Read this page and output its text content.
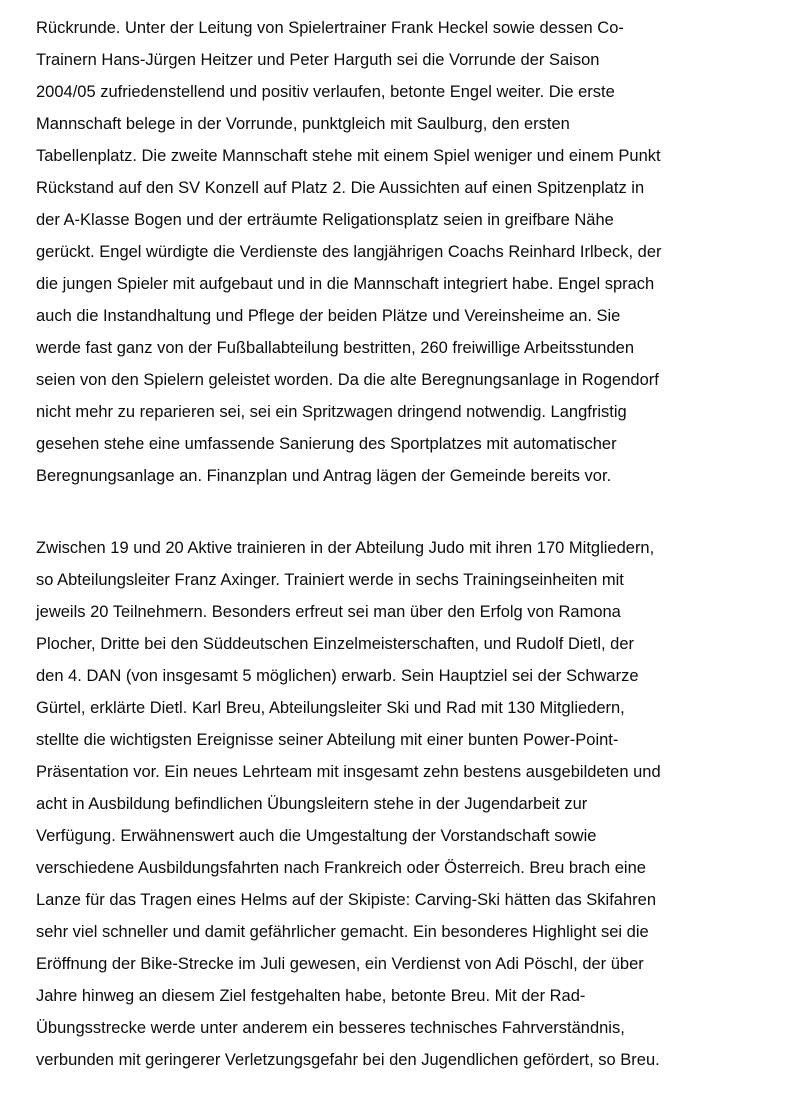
Rückrunde. Unter der Leitung von Spielertrainer Frank Heckel sowie dessen Co-
Trainern Hans-Jürgen Heitzer und Peter Harguth sei die Vorrunde der Saison
2004/05 zufriedenstellend und positiv verlaufen, betonte Engel weiter. Die erste
Mannschaft belege in der Vorrunde, punktgleich mit Saulburg, den ersten
Tabellenplatz. Die zweite Mannschaft stehe mit einem Spiel weniger und einem Punkt
Rückstand auf den SV Konzell auf Platz 2. Die Aussichten auf einen Spitzenplatz in
der A-Klasse Bogen und der erträumte Religationsplatz seien in greifbare Nähe
gerückt. Engel würdigte die Verdienste des langjährigen Coachs Reinhard Irlbeck, der
die jungen Spieler mit aufgebaut und in die Mannschaft integriert habe. Engel sprach
auch die Instandhaltung und Pflege der beiden Plätze und Vereinsheime an. Sie
werde fast ganz von der Fußballabteilung bestritten, 260 freiwillige Arbeitsstunden
seien von den Spielern geleistet worden. Da die alte Beregnungsanlage in Rogendorf
nicht mehr zu reparieren sei, sei ein Spritzwagen dringend notwendig. Langfristig
gesehen stehe eine umfassende Sanierung des Sportplatzes mit automatischer
Beregnungsanlage an. Finanzplan und Antrag lägen der Gemeinde bereits vor.
Zwischen 19 und 20 Aktive trainieren in der Abteilung Judo mit ihren 170 Mitgliedern,
so Abteilungsleiter Franz Axinger. Trainiert werde in sechs Trainingseinheiten mit
jeweils 20 Teilnehmern. Besonders erfreut sei man über den Erfolg von Ramona
Plocher, Dritte bei den Süddeutschen Einzelmeisterschaften, und Rudolf Dietl, der
den 4. DAN (von insgesamt 5 möglichen) erwarb. Sein Hauptziel sei der Schwarze
Gürtel, erklärte Dietl. Karl Breu, Abteilungsleiter Ski und Rad mit 130 Mitgliedern,
stellte die wichtigsten Ereignisse seiner Abteilung mit einer bunten Power-Point-
Präsentation vor. Ein neues Lehrteam mit insgesamt zehn bestens ausgebildeten und
acht in Ausbildung befindlichen Übungsleitern stehe in der Jugendarbeit zur
Verfügung. Erwähnenswert auch die Umgestaltung der Vorstandschaft sowie
verschiedene Ausbildungsfahrten nach Frankreich oder Österreich. Breu brach eine
Lanze für das Tragen eines Helms auf der Skipiste: Carving-Ski hätten das Skifahren
sehr viel schneller und damit gefährlicher gemacht. Ein besonderes Highlight sei die
Eröffnung der Bike-Strecke im Juli gewesen, ein Verdienst von Adi Pöschl, der über
Jahre hinweg an diesem Ziel festgehalten habe, betonte Breu. Mit der Rad-
Übungsstrecke werde unter anderem ein besseres technisches Fahrverständnis,
verbunden mit geringerer Verletzungsgefahr bei den Jugendlichen gefördert, so Breu.
